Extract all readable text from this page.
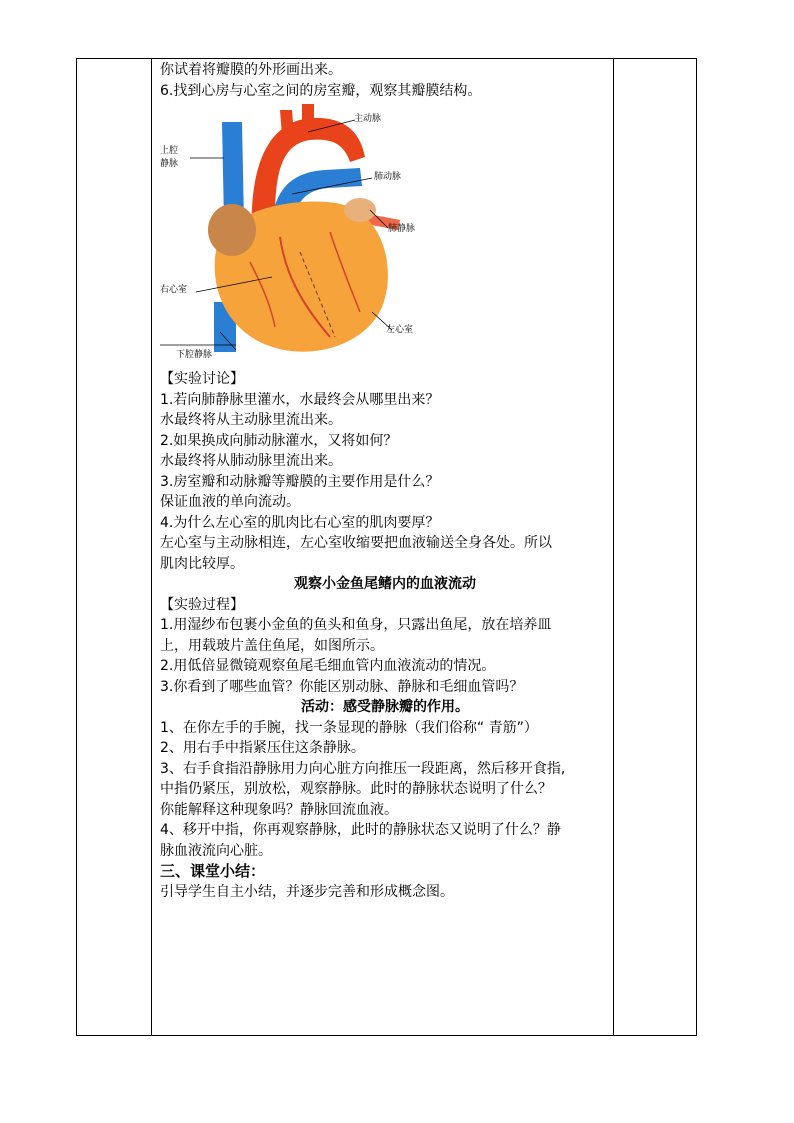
你试着将瓣膜的外形画出来。

6.找到心房与心室之间的房室瓣，观察其瓣膜结构。

主动脉
上腔
静脉
肺动脉
肺静脉
右心室
左心室
下腔静脉

【实验讨论】

1.若向肺静脉里灌水，水最终会从哪里出来？

水最终将从主动脉里流出来。

2.如果换成向肺动脉灌水，又将如何？

水最终将从肺动脉里流出来。

3.房室瓣和动脉瓣等瓣膜的主要作用是什么？

保证血液的单向流动。

4.为什么左心室的肌肉比右心室的肌肉要厚？

左心室与主动脉相连，左心室收缩要把血液输送全身各处。所以

肌肉比较厚。

观察小金鱼尾鳍内的血液流动

【实验过程】

1.用湿纱布包裹小金鱼的鱼头和鱼身，只露出鱼尾，放在培养皿

上，用载玻片盖住鱼尾，如图所示。

2.用低倍显微镜观察鱼尾毛细血管内血液流动的情况。

3.你看到了哪些血管？你能区别动脉、静脉和毛细血管吗？

活动：感受静脉瓣的作用。

1、在你左手的手腕，找一条显现的静脉（我们俗称“ 青筋”）

2、用右手中指紧压住这条静脉。

3、右手食指沿静脉用力向心脏方向推压一段距离，然后移开食指,

中指仍紧压，别放松，观察静脉。此时的静脉状态说明了什么？

你能解释这种现象吗？静脉回流血液。

4、移开中指，你再观察静脉，此时的静脉状态又说明了什么？静

脉血液流向心脏。

三、课堂小结：

引导学生自主小结，并逐步完善和形成概念图。
